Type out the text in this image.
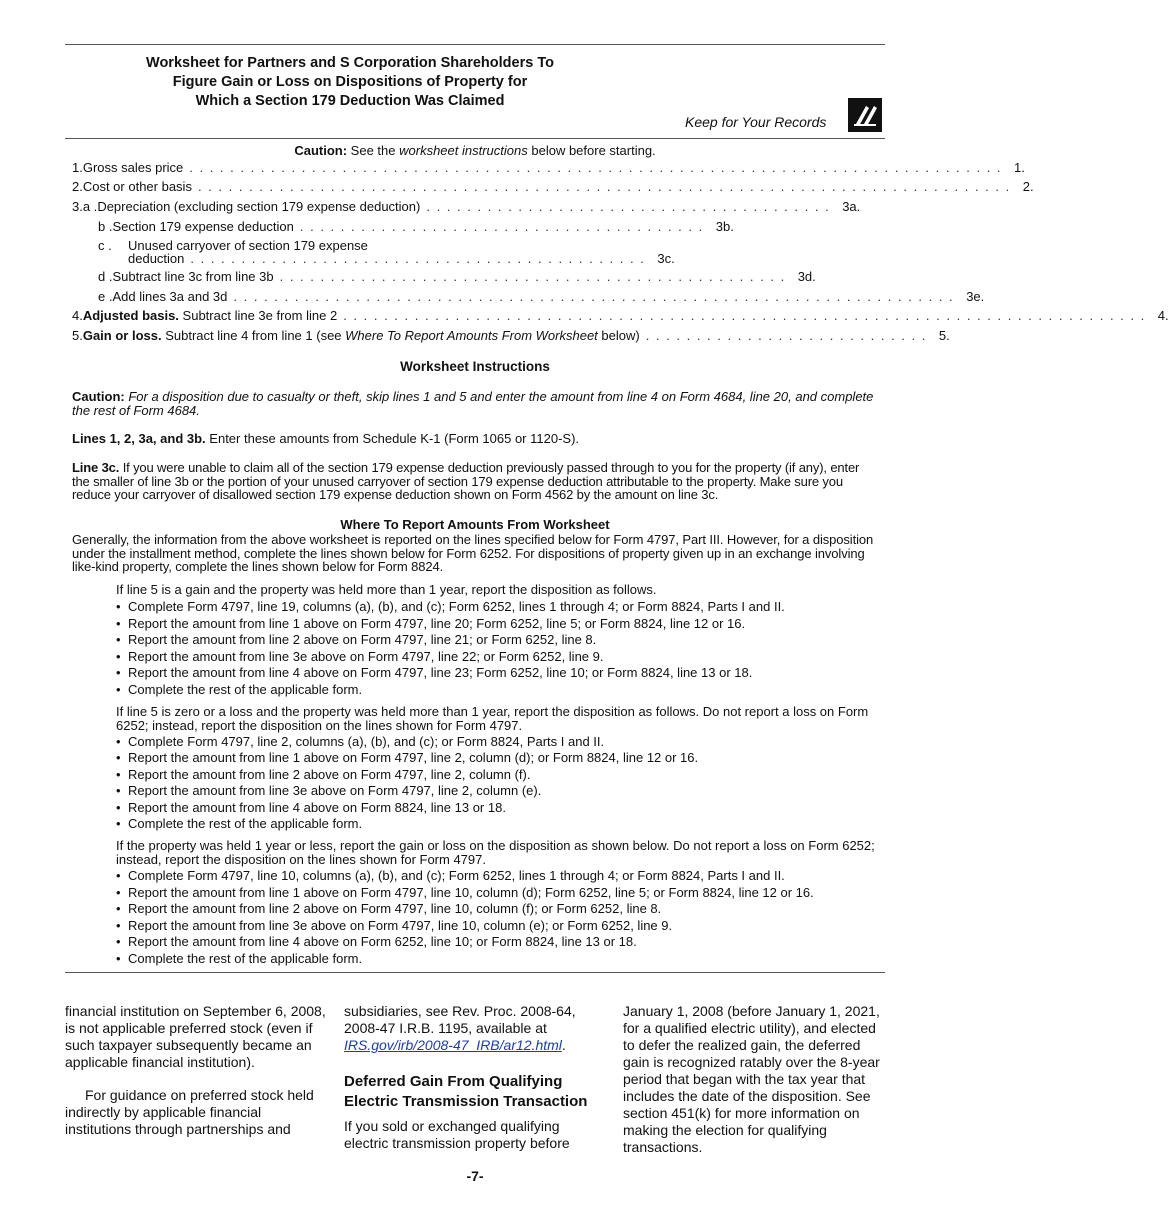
Worksheet for Partners and S Corporation Shareholders To
Figure Gain or Loss on Dispositions of Property for
Which a Section 179 Deduction Was Claimed
Keep for Your Records
Caution: See the worksheet instructions below before starting.
1. Gross sales price . . . . . . . . . . . . . . . . . . . . . . . . . . . . . . . . . . . . . . . . . . . . . . . . . . . . . . . . . . . . . . . . . . . . . . . . . . . . . . . . 1.
2. Cost or other basis . . . . . . . . . . . . . . . . . . . . . . . . . . . . . . . . . . . . . . . . . . . . . . . . . . . . . . . . . . . . . . . . . . . . . . . . . . . . . . . . 2.
3. a . Depreciation (excluding section 179 expense deduction) . . . . . . . . . . . . . . . . . . . . . . . . . . . . . . . . . . . . . . . . 3a.
b . Section 179 expense deduction . . . . . . . . . . . . . . . . . . . . . . . . . . . . . . . . . . . . . . . . 3b.
c .	Unused carryover of section 179 expense
deduction . . . . . . . . . . . . . . . . . . . . . . . . . . . . . . . . . . . . . . . . . . . . . 3c.
d . Subtract line 3c from line 3b . . . . . . . . . . . . . . . . . . . . . . . . . . . . . . . . . . . . . . . . . . . . . . . . . . 3d.
e . Add lines 3a and 3d . . . . . . . . . . . . . . . . . . . . . . . . . . . . . . . . . . . . . . . . . . . . . . . . . . . . . . . . . . . . . . . . . . . . . . . 3e.
4. Adjusted basis. Subtract line 3e from line 2 . . . . . . . . . . . . . . . . . . . . . . . . . . . . . . . . . . . . . . . . . . . . . . . . . . . . . . . . . . . . . . . . . . . . . . . . . . . . . . . 4.
5. Gain or loss. Subtract line 4 from line 1 (see Where To Report Amounts From Worksheet below) . . . . . . . . . . . . . . . . . . . . . . . . . . . . 5.
Worksheet Instructions
Caution: For a disposition due to casualty or theft, skip lines 1 and 5 and enter the amount from line 4 on Form 4684, line 20, and complete the rest of Form 4684.
Lines 1, 2, 3a, and 3b. Enter these amounts from Schedule K-1 (Form 1065 or 1120-S).
Line 3c. If you were unable to claim all of the section 179 expense deduction previously passed through to you for the property (if any), enter the smaller of line 3b or the portion of your unused carryover of section 179 expense deduction attributable to the property. Make sure you reduce your carryover of disallowed section 179 expense deduction shown on Form 4562 by the amount on line 3c.
Where To Report Amounts From Worksheet
Generally, the information from the above worksheet is reported on the lines specified below for Form 4797, Part III. However, for a disposition under the installment method, complete the lines shown below for Form 6252. For dispositions of property given up in an exchange involving like-kind property, complete the lines shown below for Form 8824.
If line 5 is a gain and the property was held more than 1 year, report the disposition as follows.
• Complete Form 4797, line 19, columns (a), (b), and (c); Form 6252, lines 1 through 4; or Form 8824, Parts I and II.
• Report the amount from line 1 above on Form 4797, line 20; Form 6252, line 5; or Form 8824, line 12 or 16.
• Report the amount from line 2 above on Form 4797, line 21; or Form 6252, line 8.
• Report the amount from line 3e above on Form 4797, line 22; or Form 6252, line 9.
• Report the amount from line 4 above on Form 4797, line 23; Form 6252, line 10; or Form 8824, line 13 or 18.
• Complete the rest of the applicable form.
If line 5 is zero or a loss and the property was held more than 1 year, report the disposition as follows. Do not report a loss on Form 6252; instead, report the disposition on the lines shown for Form 4797.
• Complete Form 4797, line 2, columns (a), (b), and (c); or Form 8824, Parts I and II.
• Report the amount from line 1 above on Form 4797, line 2, column (d); or Form 8824, line 12 or 16.
• Report the amount from line 2 above on Form 4797, line 2, column (f).
• Report the amount from line 3e above on Form 4797, line 2, column (e).
• Report the amount from line 4 above on Form 8824, line 13 or 18.
• Complete the rest of the applicable form.
If the property was held 1 year or less, report the gain or loss on the disposition as shown below. Do not report a loss on Form 6252; instead, report the disposition on the lines shown for Form 4797.
• Complete Form 4797, line 10, columns (a), (b), and (c); Form 6252, lines 1 through 4; or Form 8824, Parts I and II.
• Report the amount from line 1 above on Form 4797, line 10, column (d); Form 6252, line 5; or Form 8824, line 12 or 16.
• Report the amount from line 2 above on Form 4797, line 10, column (f); or Form 6252, line 8.
• Report the amount from line 3e above on Form 4797, line 10, column (e); or Form 6252, line 9.
• Report the amount from line 4 above on Form 6252, line 10; or Form 8824, line 13 or 18.
• Complete the rest of the applicable form.

financial institution on September 6, 2008, is not applicable preferred stock (even if such taxpayer subsequently became an applicable financial institution).

For guidance on preferred stock held indirectly by applicable financial institutions through partnerships and

subsidiaries, see Rev. Proc. 2008-64, 2008-47 I.R.B. 1195, available at IRS.gov/irb/2008-47_IRB/ar12.html.

Deferred Gain From Qualifying Electric Transmission Transaction

If you sold or exchanged qualifying electric transmission property before

January 1, 2008 (before January 1, 2021, for a qualified electric utility), and elected to defer the realized gain, the deferred gain is recognized ratably over the 8-year period that began with the tax year that includes the date of the disposition. See section 451(k) for more information on making the election for qualifying transactions.

-7-
